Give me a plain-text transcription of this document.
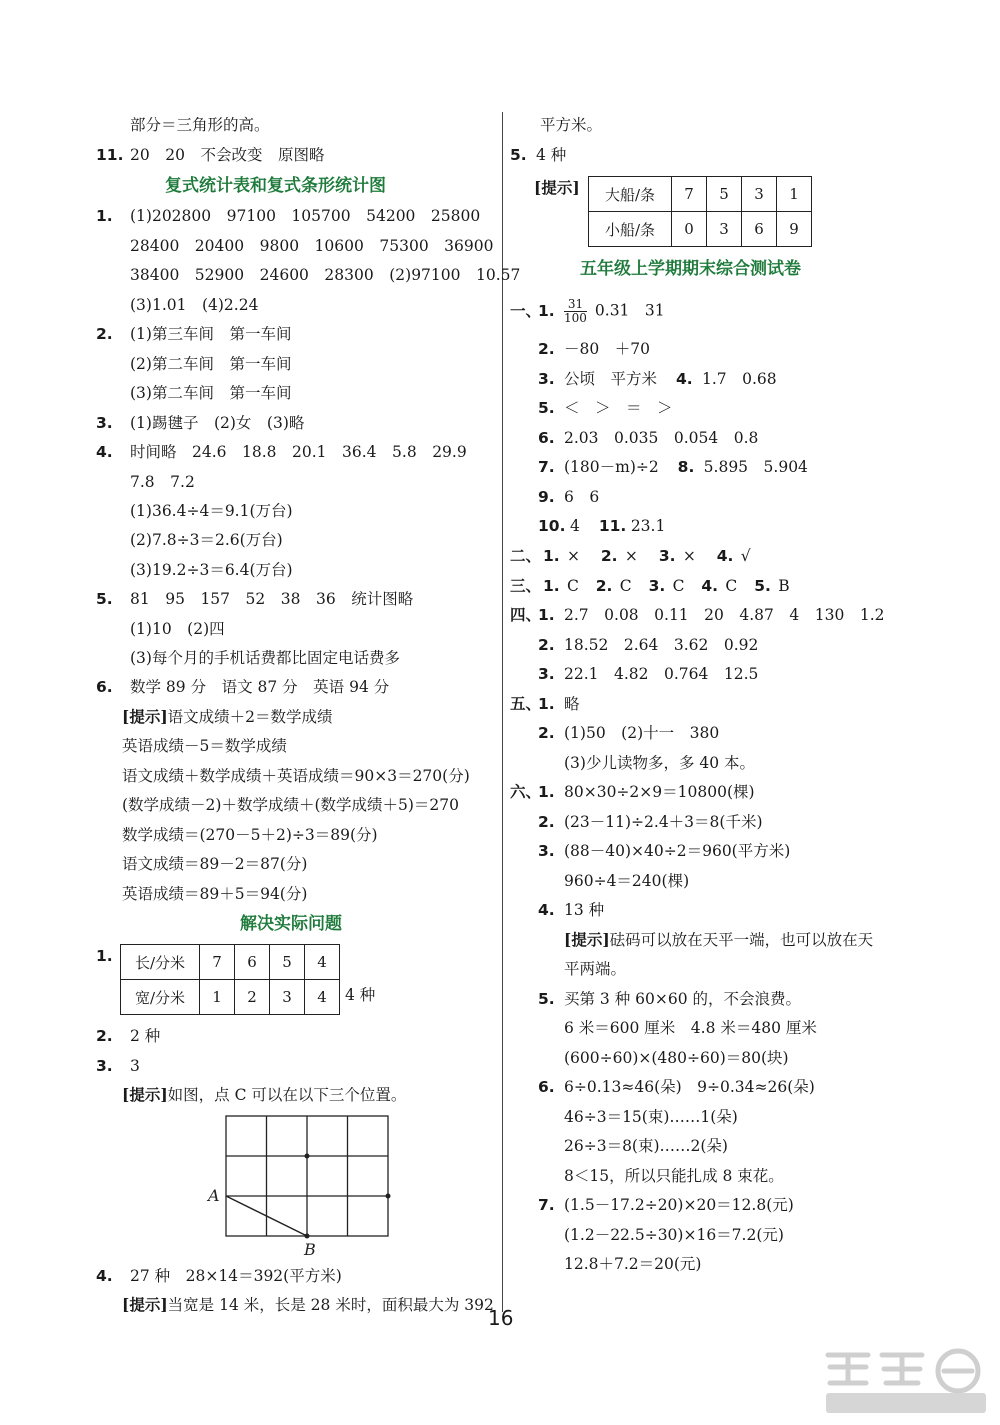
部分＝三角形的高。
11. 20　20　不会改变　原图略
复式统计表和复式条形统计图
1. (1)202800　97100　105700　54200　25800
28400　20400　9800　10600　75300　36900
38400　52900　24600　28300　(2)97100　10.57
(3)1.01　(4)2.24
2. (1)第三车间　第一车间
(2)第二车间　第一车间
(3)第二车间　第一车间
3. (1)踢毽子　(2)女　(3)略
4. 时间略　24.6　18.8　20.1　36.4　5.8　29.9
7.8　7.2
(1)36.4÷4＝9.1(万台)
(2)7.8÷3＝2.6(万台)
(3)19.2÷3＝6.4(万台)
5. 81　95　157　52　38　36　统计图略
(1)10　(2)四
(3)每个月的手机话费都比固定电话费多
6. 数学 89 分　语文 87 分　英语 94 分
[提示]语文成绩＋2＝数学成绩
英语成绩－5＝数学成绩
语文成绩＋数学成绩＋英语成绩＝90×3＝270(分)
(数学成绩－2)＋数学成绩＋(数学成绩＋5)＝270
数学成绩＝(270－5＋2)÷3＝89(分)
语文成绩＝89－2＝87(分)
英语成绩＝89＋5＝94(分)
解决实际问题
1. 长/分米	7	6	5	4
宽/分米	1	2	3	4 4 种
2. 2 种
3. 3
[提示]如图，点 C 可以在以下三个位置。
A
B
4. 27 种　28×14＝392(平方米)
[提示]当宽是 14 米，长是 28 米时，面积最大为 392
平方米。
5. 4 种
[提示] 大船/条	7	5	3	1
小船/条	0	3	6	9
五年级上学期期末综合测试卷
一、1. $\frac{31}{100} 0.31$　31
2. －80　＋70
3. 公顷　平方米 4. 1.7　0.68
5. ＜　＞　＝　＞
6. 2.03　0.035　0.054　0.8
7. (180－m)÷2 8. 5.895　5.904
9. 6　6
10. 4 11. 23.1
二、 1. × 2. × 3. × 4. √
三、 1. C 2. C 3. C 4. C 5. B
四、1. 2.7　0.08　0.11　20　4.87　4　130　1.2
2. 18.52　2.64　3.62　0.92
3. 22.1　4.82　0.764　12.5
五、1. 略
2. (1)50　(2)十一　380
(3)少儿读物多，多 40 本。
六、1. 80×30÷2×9＝10800(棵)
2. (23－11)÷2.4＋3＝8(千米)
3. (88－40)×40÷2＝960(平方米)
960÷4＝240(棵)
4. 13 种
[提示]砝码可以放在天平一端，也可以放在天
平两端。
5. 买第 3 种 60×60 的，不会浪费。
6 米＝600 厘米　4.8 米＝480 厘米
(600÷60)×(480÷60)＝80(块)
6. 6÷0.13≈46(朵)　9÷0.34≈26(朵)
46÷3＝15(束)……1(朵)
26÷3＝8(束)……2(朵)
8＜15，所以只能扎成 8 束花。
7. (1.5－17.2÷20)×20＝12.8(元)
(1.2－22.5÷30)×16＝7.2(元)
12.8＋7.2＝20(元)
16
